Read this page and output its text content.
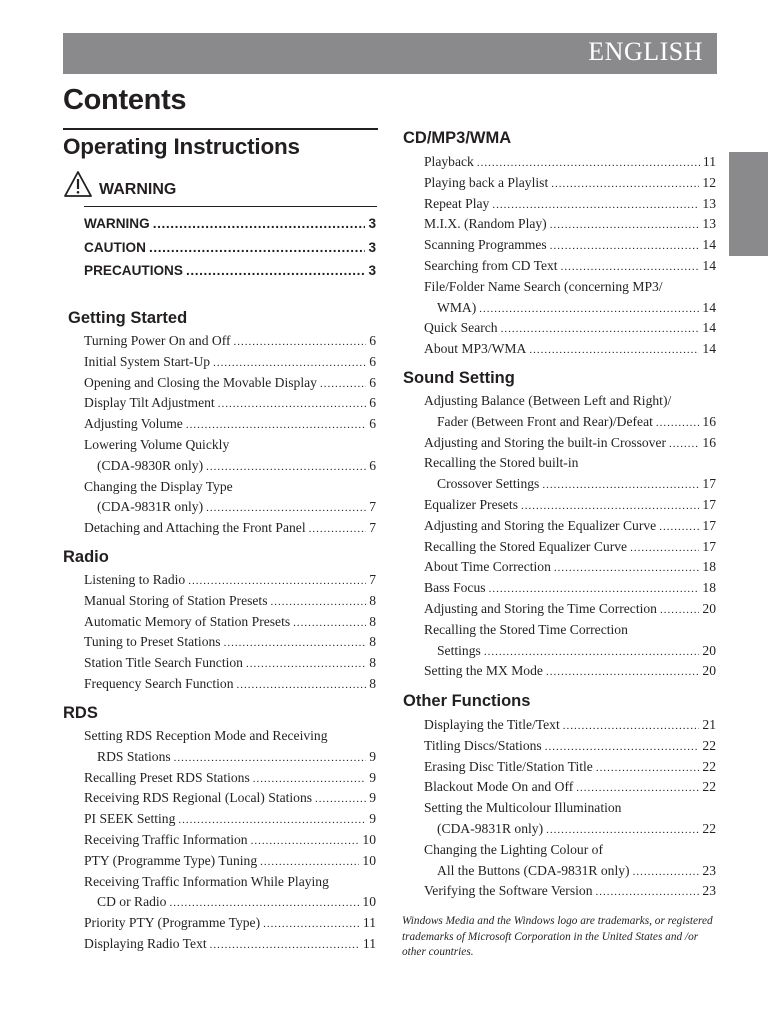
ENGLISH
Contents
Operating Instructions
WARNING
WARNING .....	3
CAUTION .....	3
PRECAUTIONS .....	3
Getting Started
Turning Power On and Off .....	6
Initial System Start-Up .....	6
Opening and Closing the Movable Display .....	6
Display Tilt Adjustment .....	6
Adjusting Volume .....	6
Lowering Volume Quickly
(CDA-9830R only) .....	6
Changing the Display Type
(CDA-9831R only) .....	7
Detaching and Attaching the Front Panel .....	7
Radio
Listening to Radio .....	7
Manual Storing of Station Presets .....	8
Automatic Memory of Station Presets .....	8
Tuning to Preset Stations .....	8
Station Title Search Function .....	8
Frequency Search Function .....	8
RDS
Setting RDS Reception Mode and Receiving
RDS Stations .....	9
Recalling Preset RDS Stations .....	9
Receiving RDS Regional (Local) Stations .....	9
PI SEEK Setting .....	9
Receiving Traffic Information .....	10
PTY (Programme Type) Tuning .....	10
Receiving Traffic Information While Playing
CD or Radio .....	10
Priority PTY (Programme Type) .....	11
Displaying Radio Text .....	11
CD/MP3/WMA
Playback .....	11
Playing back a Playlist .....	12
Repeat Play .....	13
M.I.X. (Random Play) .....	13
Scanning Programmes .....	14
Searching from CD Text .....	14
File/Folder Name Search (concerning MP3/
WMA) .....	14
Quick Search .....	14
About MP3/WMA .....	14
Sound Setting
Adjusting Balance (Between Left and Right)/
Fader (Between Front and Rear)/Defeat .....	16
Adjusting and Storing the built-in Crossover .....	16
Recalling the Stored built-in
Crossover Settings .....	17
Equalizer Presets .....	17
Adjusting and Storing the Equalizer Curve .....	17
Recalling the Stored Equalizer Curve .....	17
About Time Correction .....	18
Bass Focus .....	18
Adjusting and Storing the Time Correction .....	20
Recalling the Stored Time Correction
Settings .....	20
Setting the MX Mode .....	20
Other Functions
Displaying the Title/Text .....	21
Titling Discs/Stations .....	22
Erasing Disc Title/Station Title .....	22
Blackout Mode On and Off .....	22
Setting the Multicolour Illumination
(CDA-9831R only) .....	22
Changing the Lighting Colour of
All the Buttons (CDA-9831R only) .....	23
Verifying the Software Version .....	23
Windows Media and the Windows logo are trademarks, or registered trademarks of Microsoft Corporation in the United States and /or other countries.
